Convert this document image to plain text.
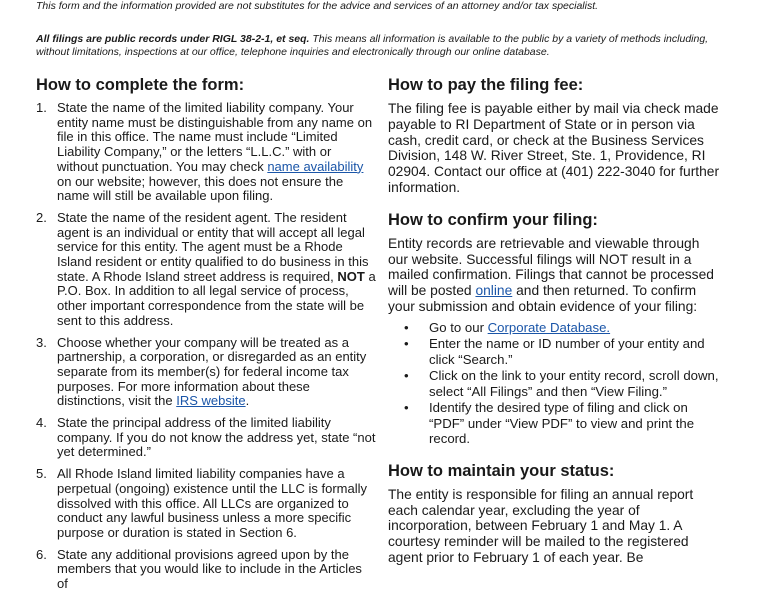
This form and the information provided are not substitutes for the advice and services of an attorney and/or tax specialist.
All filings are public records under RIGL 38-2-1, et seq. This means all information is available to the public by a variety of methods including, without limitations, inspections at our office, telephone inquiries and electronically through our online database.
How to complete the form:
1. State the name of the limited liability company. Your entity name must be distinguishable from any name on file in this office. The name must include “Limited Liability Company,” or the letters “L.L.C.” with or without punctuation. You may check name availability on our website; however, this does not ensure the name will still be available upon filing.
2. State the name of the resident agent. The resident agent is an individual or entity that will accept all legal service for this entity. The agent must be a Rhode Island resident or entity qualified to do business in this state. A Rhode Island street address is required, NOT a P.O. Box. In addition to all legal service of process, other important correspondence from the state will be sent to this address.
3. Choose whether your company will be treated as a partnership, a corporation, or disregarded as an entity separate from its member(s) for federal income tax purposes. For more information about these distinctions, visit the IRS website.
4. State the principal address of the limited liability company. If you do not know the address yet, state “not yet determined.”
5. All Rhode Island limited liability companies have a perpetual (ongoing) existence until the LLC is formally dissolved with this office. All LLCs are organized to conduct any lawful business unless a more specific purpose or duration is stated in Section 6.
6. State any additional provisions agreed upon by the members that you would like to include in the Articles of
How to pay the filing fee:

The filing fee is payable either by mail via check made payable to RI Department of State or in person via cash, credit card, or check at the Business Services Division, 148 W. River Street, Ste. 1, Providence, RI 02904. Contact our office at (401) 222-3040 for further information.

How to confirm your filing:

Entity records are retrievable and viewable through our website. Successful filings will NOT result in a mailed confirmation. Filings that cannot be processed will be posted online and then returned. To confirm your submission and obtain evidence of your filing:

•	Go to our Corporate Database.
•	Enter the name or ID number of your entity and click “Search.”
•	Click on the link to your entity record, scroll down, select “All Filings” and then “View Filing.”
•	Identify the desired type of filing and click on “PDF” under “View PDF” to view and print the record.
How to maintain your status:

The entity is responsible for filing an annual report each calendar year, excluding the year of incorporation, between February 1 and May 1. A courtesy reminder will be mailed to the registered agent prior to February 1 of each year. Be
